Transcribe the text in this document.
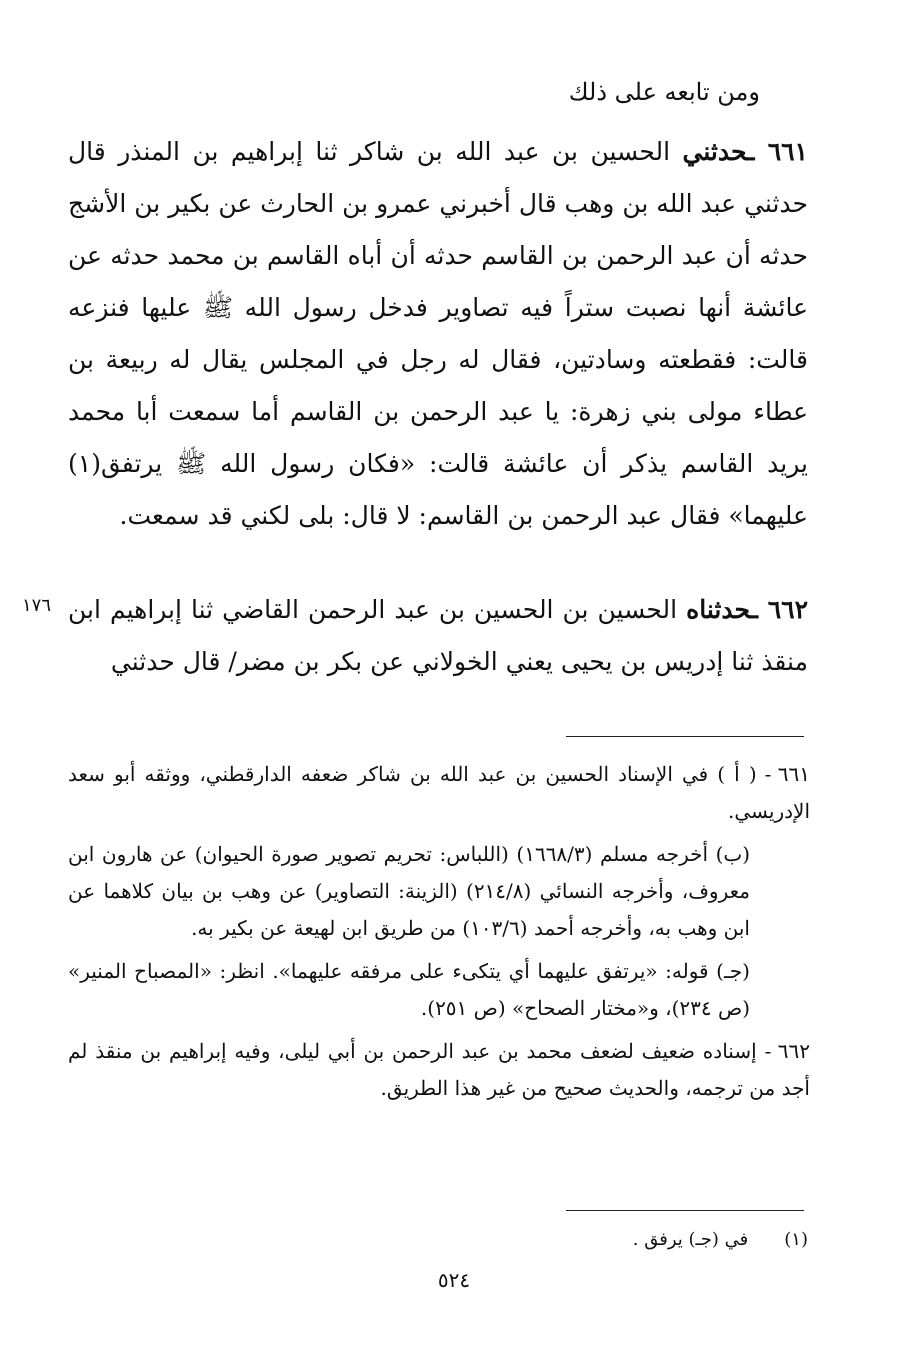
ومن تابعه على ذلك
٦٦١ ـحدثني الحسين بن عبد الله بن شاكر ثنا إبراهيم بن المنذر قال حدثني عبد الله بن وهب قال أخبرني عمرو بن الحارث عن بكير بن الأشج حدثه أن عبد الرحمن بن القاسم حدثه أن أباه القاسم بن محمد حدثه عن عائشة أنها نصبت ستراً فيه تصاوير فدخل رسول الله ﷺ عليها فنزعه قالت: فقطعته وسادتين، فقال له رجل في المجلس يقال له ربيعة بن عطاء مولى بني زهرة: يا عبد الرحمن بن القاسم أما سمعت أبا محمد يريد القاسم يذكر أن عائشة قالت: «فكان رسول الله ﷺ يرتفق(١) عليهما» فقال عبد الرحمن بن القاسم: لا قال: بلى لكني قد سمعت.
١٧٦	٦٦٢ ـحدثناه الحسين بن الحسين بن عبد الرحمن القاضي ثنا إبراهيم ابن منقذ ثنا إدريس بن يحيى يعني الخولاني عن بكر بن مضر/ قال حدثني

٦٦١ -( أ ) في الإسناد الحسين بن عبد الله بن شاكر ضعفه الدارقطني، ووثقه أبو سعد الإدريسي.

(ب) أخرجه مسلم (١٦٦٨/٣) (اللباس: تحريم تصوير صورة الحيوان) عن هارون ابن معروف، وأخرجه النسائي (٢١٤/٨) (الزينة: التصاوير) عن وهب بن بيان كلاهما عن ابن وهب به، وأخرجه أحمد (١٠٣/٦) من طريق ابن لهيعة عن بكير به.

(جـ) قوله: «يرتفق عليهما أي يتكىء على مرفقه عليهما». انظر: «المصباح المنير» (ص ٢٣٤)، و«مختار الصحاح» (ص ٢٥١).

٦٦٢ -إسناده ضعيف لضعف محمد بن عبد الرحمن بن أبي ليلى، وفيه إبراهيم بن منقذ لم أجد من ترجمه، والحديث صحيح من غير هذا الطريق.

(١)في (جـ) يرفق .
٥٢٤
